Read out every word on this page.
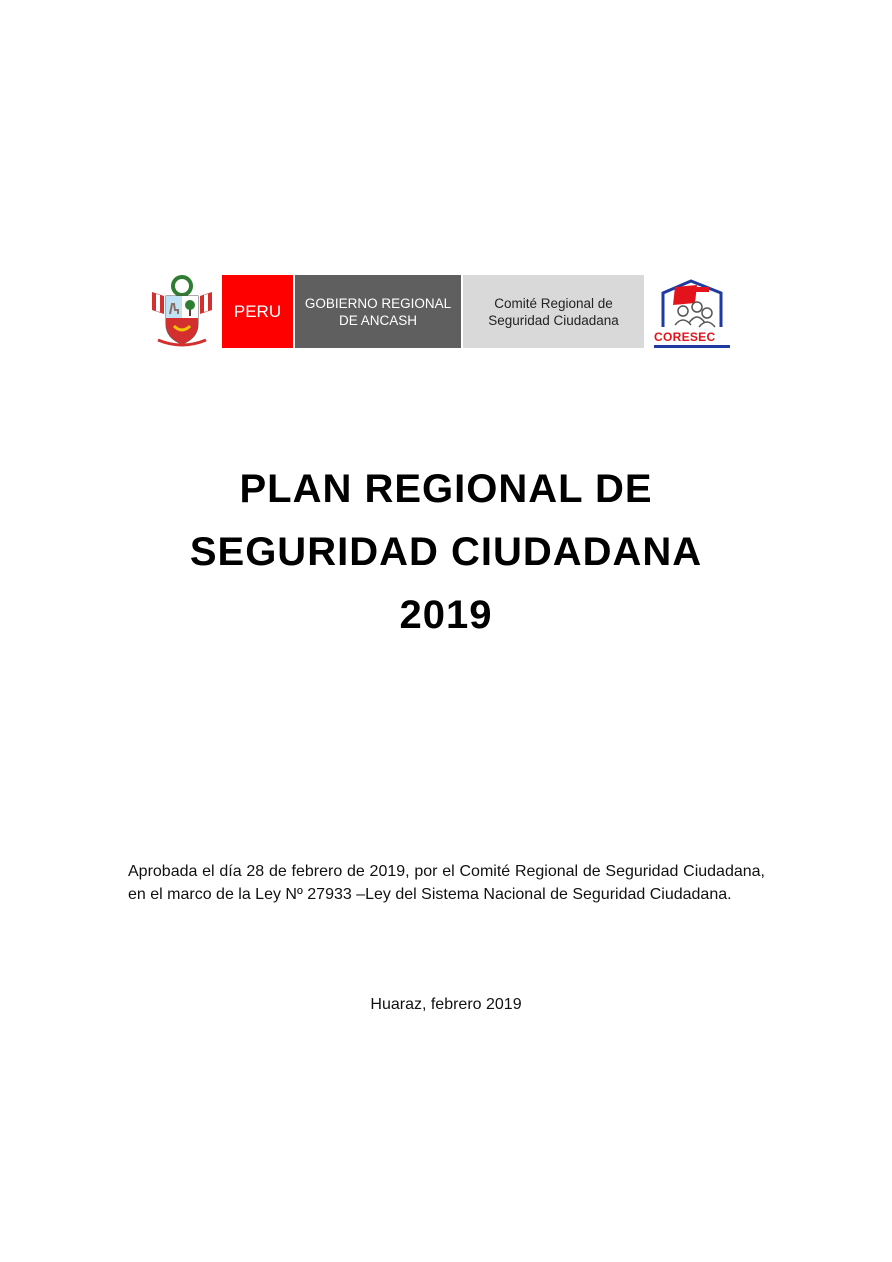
PERU GOBIERNO REGIONAL
DE ANCASH
Comité Regional de
Seguridad Ciudadana
CORESEC
PLAN REGIONAL DE
SEGURIDAD CIUDADANA
2019
Aprobada el día 28 de febrero de 2019, por el Comité Regional de Seguridad Ciudadana, en el marco de la Ley Nº 27933 –Ley del Sistema Nacional de Seguridad Ciudadana.
Huaraz, febrero 2019
